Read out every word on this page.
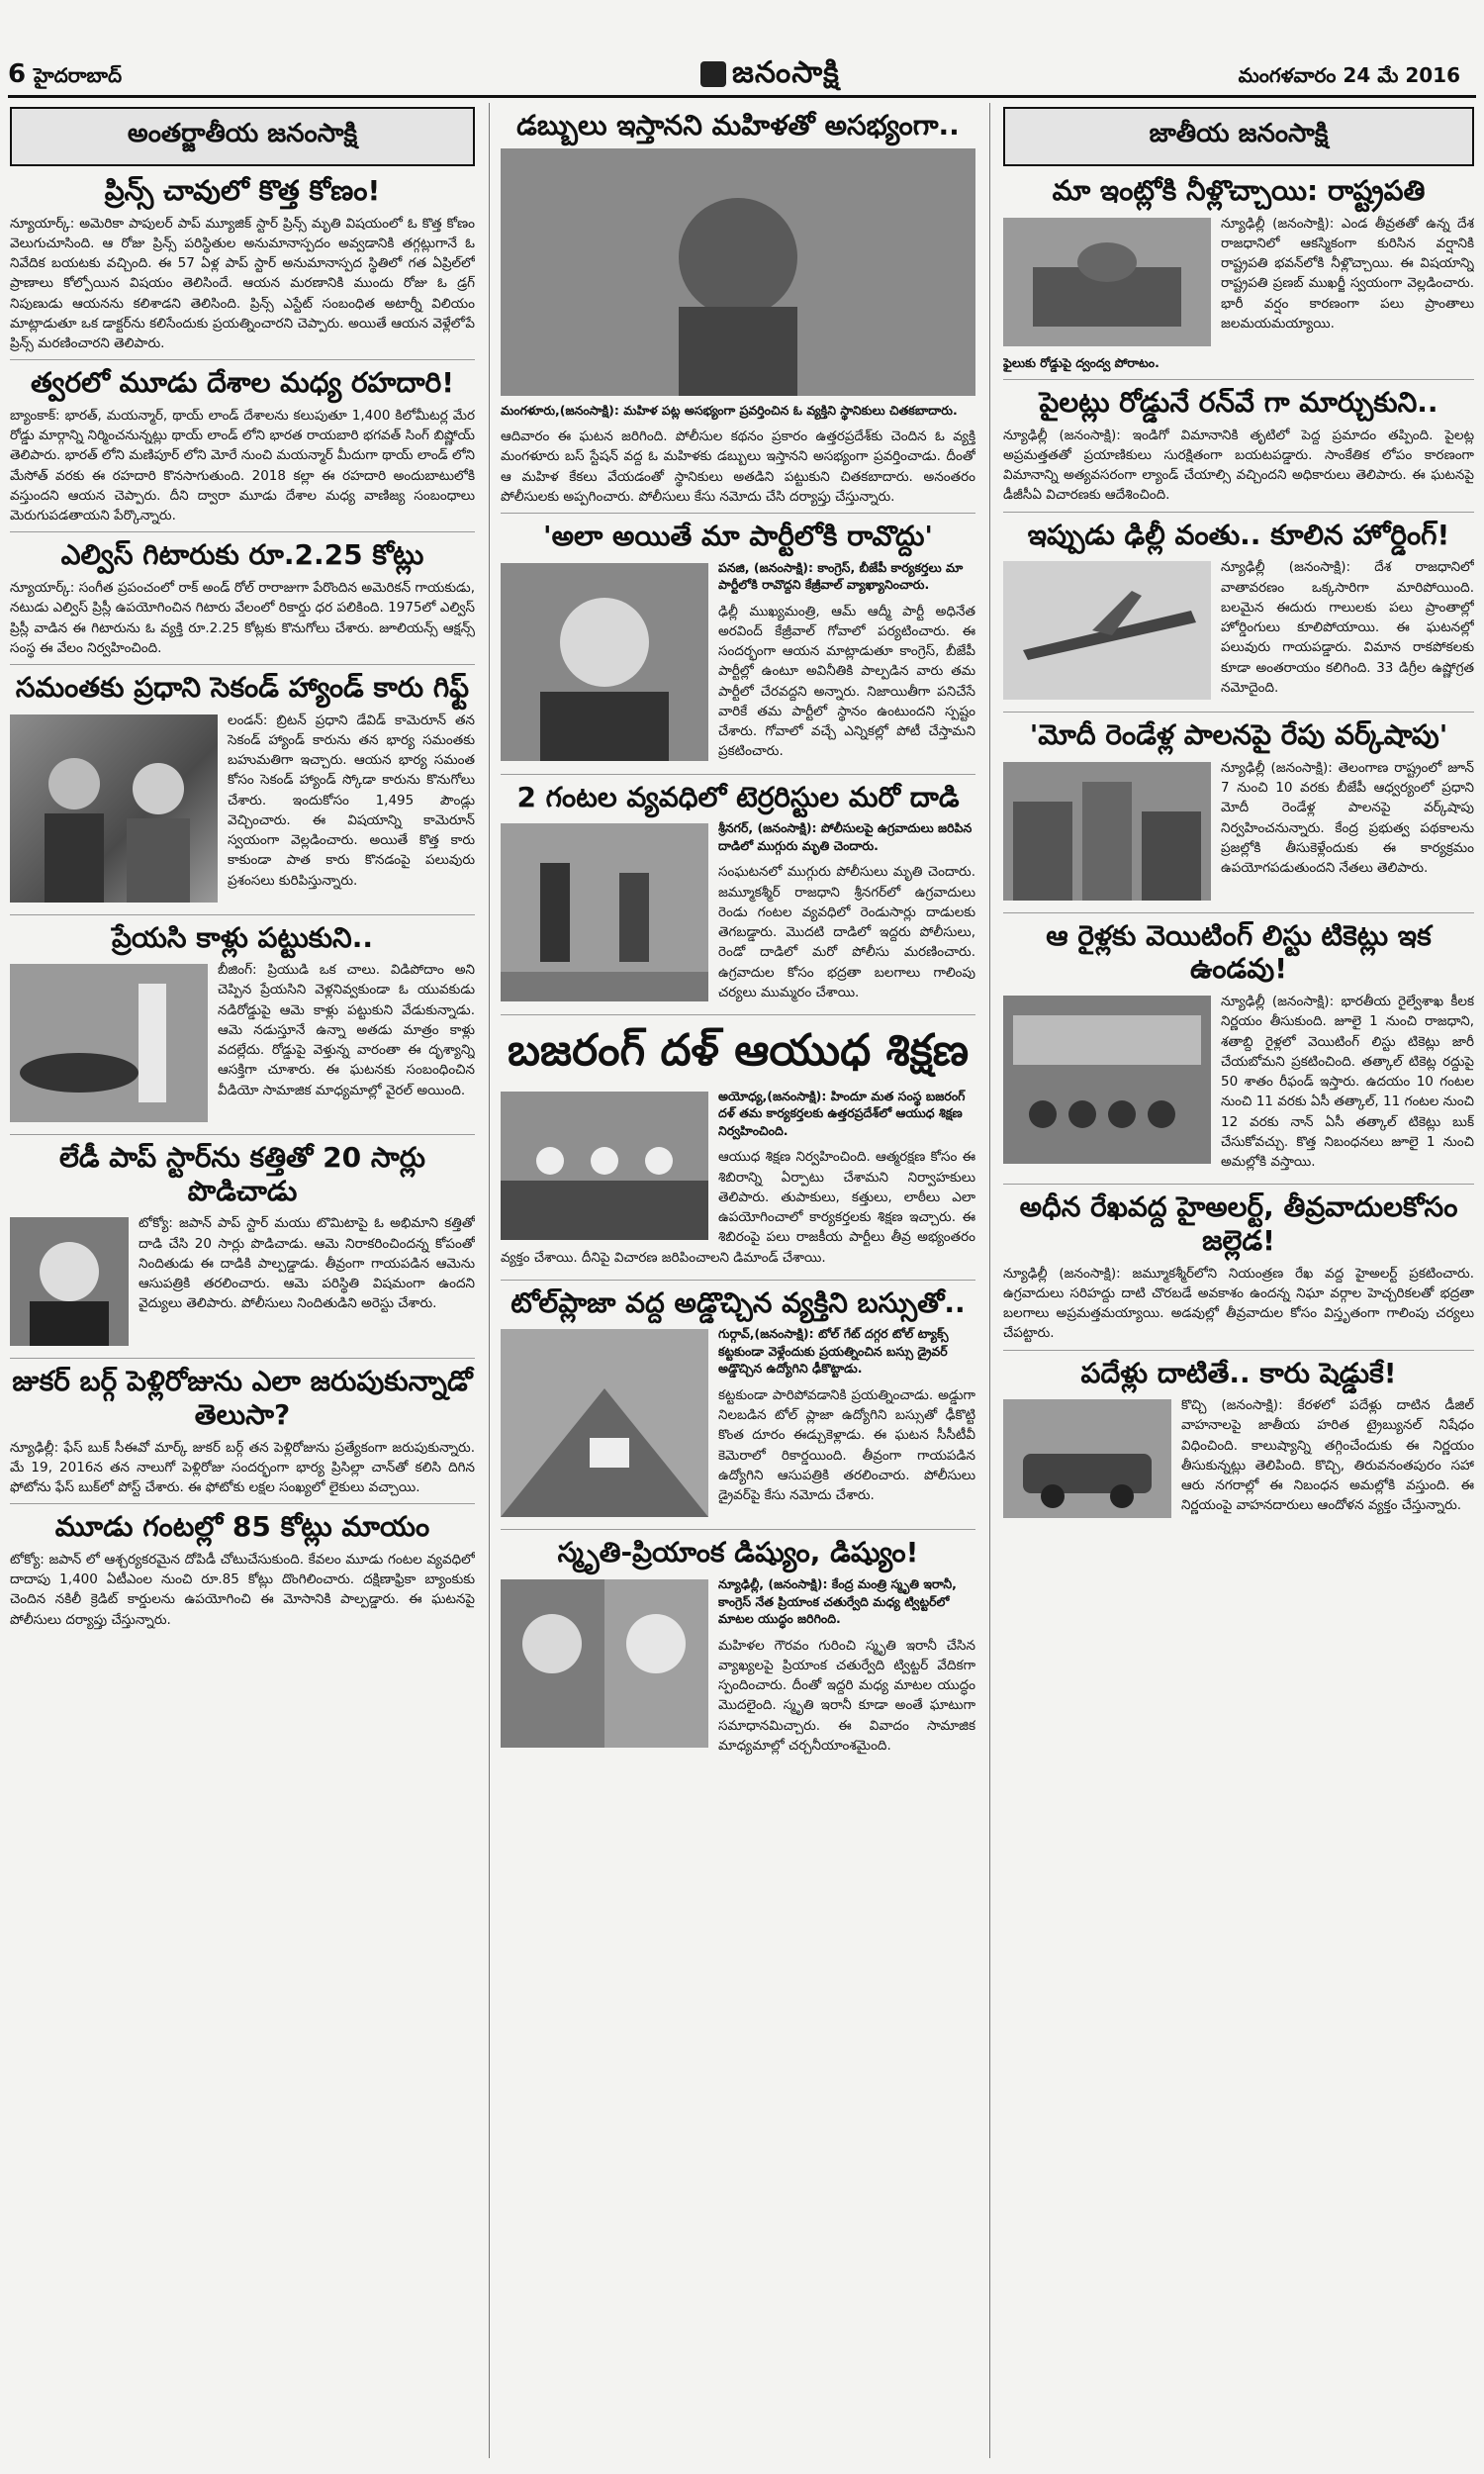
6 హైదరాబాద్	జనంసాక్షి	మంగళవారం 24 మే 2016
అంతర్జాతీయ జనంసాక్షి
ప్రిన్స్ చావులో కొత్త కోణం!

న్యూయార్క్: అమెరికా పాపులర్ పాప్ మ్యూజిక్ స్టార్ ప్రిన్స్ మృతి విషయంలో ఓ కొత్త కోణం వెలుగుచూసింది. ఆ రోజు ప్రిన్స్ పరిస్థితుల అనుమానాస్పదం అవ్వడానికి తగ్గట్లుగానే ఓ నివేదిక బయటకు వచ్చింది. ఈ 57 ఏళ్ల పాప్ స్టార్ అనుమానాస్పద స్థితిలో గత ఏప్రిల్‌లో ప్రాణాలు కోల్పోయిన విషయం తెలిసిందే. ఆయన మరణానికి ముందు రోజు ఓ డ్రగ్ నిపుణుడు ఆయనను కలిశాడని తెలిసింది. ప్రిన్స్ ఎస్టేట్ సంబంధిత అటార్నీ విలియం మాట్లాడుతూ ఒక డాక్టర్‌ను కలిసేందుకు ప్రయత్నించారని చెప్పారు. అయితే ఆయన వెళ్లేలోపే ప్రిన్స్ మరణించారని తెలిపారు.

త్వరలో మూడు దేశాల మధ్య రహదారి!

బ్యాంకాక్: భారత్, మయన్మార్, థాయ్ లాండ్ దేశాలను కలుపుతూ 1,400 కిలోమీటర్ల మేర రోడ్డు మార్గాన్ని నిర్మించనున్నట్లు థాయ్ లాండ్ లోని భారత రాయబారి భగవత్ సింగ్ బిష్ణోయ్ తెలిపారు. భారత్ లోని మణిపూర్ లోని మోరే నుంచి మయన్మార్ మీదుగా థాయ్ లాండ్ లోని మేసోత్ వరకు ఈ రహదారి కొనసాగుతుంది. 2018 కల్లా ఈ రహదారి అందుబాటులోకి వస్తుందని ఆయన చెప్పారు. దీని ద్వారా మూడు దేశాల మధ్య వాణిజ్య సంబంధాలు మెరుగుపడతాయని పేర్కొన్నారు.

ఎల్విస్ గిటారుకు రూ.2.25 కోట్లు

న్యూయార్క్: సంగీత ప్రపంచంలో రాక్ అండ్ రోల్ రారాజుగా పేరొందిన అమెరికన్ గాయకుడు, నటుడు ఎల్విస్ ప్రిస్లీ ఉపయోగించిన గిటారు వేలంలో రికార్డు ధర పలికింది. 1975లో ఎల్విస్ ప్రిస్లీ వాడిన ఈ గిటారును ఓ వ్యక్తి రూ.2.25 కోట్లకు కొనుగోలు చేశారు. జూలియన్స్ ఆక్షన్స్ సంస్థ ఈ వేలం నిర్వహించింది.

సమంతకు ప్రధాని సెకండ్ హ్యాండ్ కారు గిఫ్ట్

లండన్: బ్రిటన్ ప్రధాని డేవిడ్ కామెరూన్ తన సెకండ్ హ్యాండ్ కారును తన భార్య సమంతకు బహుమతిగా ఇచ్చారు. ఆయన భార్య సమంత కోసం సెకండ్ హ్యాండ్ స్కోడా కారును కొనుగోలు చేశారు. ఇందుకోసం 1,495 పౌండ్లు వెచ్చించారు. ఈ విషయాన్ని కామెరూన్ స్వయంగా వెల్లడించారు. అయితే కొత్త కారు కాకుండా పాత కారు కొనడంపై పలువురు ప్రశంసలు కురిపిస్తున్నారు.

ప్రేయసి కాళ్లు పట్టుకుని..

బీజింగ్: ప్రియుడి ఒక చాలు. విడిపోదాం అని చెప్పిన ప్రేయసిని వెళ్లనివ్వకుండా ఓ యువకుడు నడిరోడ్డుపై ఆమె కాళ్లు పట్టుకుని వేడుకున్నాడు. ఆమె నడుస్తూనే ఉన్నా అతడు మాత్రం కాళ్లు వదల్లేదు. రోడ్డుపై వెళ్తున్న వారంతా ఈ దృశ్యాన్ని ఆసక్తిగా చూశారు. ఈ ఘటనకు సంబంధించిన వీడియో సామాజిక మాధ్యమాల్లో వైరల్ అయింది.

లేడీ పాప్ స్టార్‌ను కత్తితో 20 సార్లు పొడిచాడు

టోక్యో: జపాన్ పాప్ స్టార్ మయు టొమిటాపై ఓ అభిమాని కత్తితో దాడి చేసి 20 సార్లు పొడిచాడు. ఆమె నిరాకరించిందన్న కోపంతో నిందితుడు ఈ దాడికి పాల్పడ్డాడు. తీవ్రంగా గాయపడిన ఆమెను ఆసుపత్రికి తరలించారు. ఆమె పరిస్థితి విషమంగా ఉందని వైద్యులు తెలిపారు. పోలీసులు నిందితుడిని అరెస్టు చేశారు.

జుకర్ బర్గ్ పెళ్లిరోజును ఎలా జరుపుకున్నాడో తెలుసా?

న్యూఢిల్లీ: ఫేస్ బుక్ సీఈవో మార్క్ జుకర్ బర్గ్ తన పెళ్లిరోజును ప్రత్యేకంగా జరుపుకున్నారు. మే 19, 2016న తన నాలుగో పెళ్లిరోజు సందర్భంగా భార్య ప్రిసిల్లా చాన్‌తో కలిసి దిగిన ఫోటోను ఫేస్ బుక్‌లో పోస్ట్ చేశారు. ఈ ఫోటోకు లక్షల సంఖ్యలో లైకులు వచ్చాయి.

మూడు గంటల్లో 85 కోట్లు మాయం

టోక్యో: జపాన్ లో ఆశ్చర్యకరమైన దోపిడీ చోటుచేసుకుంది. కేవలం మూడు గంటల వ్యవధిలో దాదాపు 1,400 ఏటీఎంల నుంచి రూ.85 కోట్లు దొంగిలించారు. దక్షిణాఫ్రికా బ్యాంకుకు చెందిన నకిలీ క్రెడిట్ కార్డులను ఉపయోగించి ఈ మోసానికి పాల్పడ్డారు. ఈ ఘటనపై పోలీసులు దర్యాప్తు చేస్తున్నారు.

డబ్బులు ఇస్తానని మహిళతో అసభ్యంగా..
మంగళూరు,(జనంసాక్షి): మహిళ పట్ల అసభ్యంగా ప్రవర్తించిన ఓ వ్యక్తిని స్థానికులు చితకబాదారు.

ఆదివారం ఈ ఘటన జరిగింది. పోలీసుల కథనం ప్రకారం ఉత్తరప్రదేశ్‌కు చెందిన ఓ వ్యక్తి మంగళూరు బస్ స్టేషన్ వద్ద ఓ మహిళకు డబ్బులు ఇస్తానని అసభ్యంగా ప్రవర్తించాడు. దీంతో ఆ మహిళ కేకలు వేయడంతో స్థానికులు అతడిని పట్టుకుని చితకబాదారు. అనంతరం పోలీసులకు అప్పగించారు. పోలీసులు కేసు నమోదు చేసి దర్యాప్తు చేస్తున్నారు.

'అలా అయితే మా పార్టీలోకి రావొద్దు'
పనజి, (జనంసాక్షి): కాంగ్రెస్, బీజేపీ కార్యకర్తలు మా పార్టీలోకి రావొద్దని కేజ్రీవాల్ వ్యాఖ్యానించారు.

ఢిల్లీ ముఖ్యమంత్రి, ఆమ్ ఆద్మీ పార్టీ అధినేత అరవింద్ కేజ్రీవాల్ గోవాలో పర్యటించారు. ఈ సందర్భంగా ఆయన మాట్లాడుతూ కాంగ్రెస్, బీజేపీ పార్టీల్లో ఉంటూ అవినీతికి పాల్పడిన వారు తమ పార్టీలో చేరవద్దని అన్నారు. నిజాయితీగా పనిచేసే వారికే తమ పార్టీలో స్థానం ఉంటుందని స్పష్టం చేశారు. గోవాలో వచ్చే ఎన్నికల్లో పోటీ చేస్తామని ప్రకటించారు.

2 గంటల వ్యవధిలో టెర్రరిస్టుల మరో దాడి
శ్రీనగర్, (జనంసాక్షి): పోలీసులపై ఉగ్రవాదులు జరిపిన దాడిలో ముగ్గురు మృతి చెందారు.

సంఘటనలో ముగ్గురు పోలీసులు మృతి చెందారు. జమ్మూకశ్మీర్ రాజధాని శ్రీనగర్‌లో ఉగ్రవాదులు రెండు గంటల వ్యవధిలో రెండుసార్లు దాడులకు తెగబడ్డారు. మొదటి దాడిలో ఇద్దరు పోలీసులు, రెండో దాడిలో మరో పోలీసు మరణించారు. ఉగ్రవాదుల కోసం భద్రతా బలగాలు గాలింపు చర్యలు ముమ్మరం చేశాయి.

బజరంగ్ దళ్ ఆయుధ శిక్షణ
అయోధ్య,(జనంసాక్షి): హిందూ మత సంస్థ బజరంగ్ దళ్ తమ కార్యకర్తలకు ఉత్తరప్రదేశ్‌లో ఆయుధ శిక్షణ నిర్వహించింది.

ఆయుధ శిక్షణ నిర్వహించింది. ఆత్మరక్షణ కోసం ఈ శిబిరాన్ని ఏర్పాటు చేశామని నిర్వాహకులు తెలిపారు. తుపాకులు, కత్తులు, లాఠీలు ఎలా ఉపయోగించాలో కార్యకర్తలకు శిక్షణ ఇచ్చారు. ఈ శిబిరంపై పలు రాజకీయ పార్టీలు తీవ్ర అభ్యంతరం వ్యక్తం చేశాయి. దీనిపై విచారణ జరిపించాలని డిమాండ్ చేశాయి.

టోల్‌ప్లాజా వద్ద అడ్డొచ్చిన వ్యక్తిని బస్సుతో..
గుర్గావ్,(జనంసాక్షి): టోల్ గేట్ దగ్గర టోల్ ట్యాక్స్ కట్టకుండా వెళ్లేందుకు ప్రయత్నించిన బస్సు డ్రైవర్ అడ్డొచ్చిన ఉద్యోగిని ఢీకొట్టాడు.

కట్టకుండా పారిపోవడానికి ప్రయత్నించాడు. అడ్డుగా నిలబడిన టోల్ ప్లాజా ఉద్యోగిని బస్సుతో ఢీకొట్టి కొంత దూరం ఈడ్చుకెళ్లాడు. ఈ ఘటన సీసీటీవీ కెమెరాలో రికార్డయింది. తీవ్రంగా గాయపడిన ఉద్యోగిని ఆసుపత్రికి తరలించారు. పోలీసులు డ్రైవర్‌పై కేసు నమోదు చేశారు.

స్మృతి-ప్రియాంక డిష్యుం, డిష్యుం!
న్యూఢిల్లీ, (జనంసాక్షి): కేంద్ర మంత్రి స్మృతి ఇరానీ, కాంగ్రెస్ నేత ప్రియాంక చతుర్వేది మధ్య ట్విట్టర్‌లో మాటల యుద్ధం జరిగింది.

మహిళల గౌరవం గురించి స్మృతి ఇరానీ చేసిన వ్యాఖ్యలపై ప్రియాంక చతుర్వేది ట్విట్టర్ వేదికగా స్పందించారు. దీంతో ఇద్దరి మధ్య మాటల యుద్ధం మొదలైంది. స్మృతి ఇరానీ కూడా అంతే ఘాటుగా సమాధానమిచ్చారు. ఈ వివాదం సామాజిక మాధ్యమాల్లో చర్చనీయాంశమైంది.

జాతీయ జనంసాక్షి
మా ఇంట్లోకి నీళ్లొచ్చాయి: రాష్ట్రపతి

న్యూఢిల్లీ (జనంసాక్షి): ఎండ తీవ్రతతో ఉన్న దేశ రాజధానిలో ఆకస్మికంగా కురిసిన వర్షానికి రాష్ట్రపతి భవన్‌లోకి నీళ్లొచ్చాయి. ఈ విషయాన్ని రాష్ట్రపతి ప్రణబ్ ముఖర్జీ స్వయంగా వెల్లడించారు. భారీ వర్షం కారణంగా పలు ప్రాంతాలు జలమయమయ్యాయి.

ఫైలుకు రోడ్డుపై ద్వంద్వ పోరాటం.
పైలట్లు రోడ్డునే రన్‌వే గా మార్చుకుని..

న్యూఢిల్లీ (జనంసాక్షి): ఇండిగో విమానానికి తృటిలో పెద్ద ప్రమాదం తప్పింది. పైలట్ల అప్రమత్తతతో ప్రయాణికులు సురక్షితంగా బయటపడ్డారు. సాంకేతిక లోపం కారణంగా విమానాన్ని అత్యవసరంగా ల్యాండ్ చేయాల్సి వచ్చిందని అధికారులు తెలిపారు. ఈ ఘటనపై డీజీసీఏ విచారణకు ఆదేశించింది.

ఇప్పుడు ఢిల్లీ వంతు.. కూలిన హోర్డింగ్!

న్యూఢిల్లీ (జనంసాక్షి): దేశ రాజధానిలో వాతావరణం ఒక్కసారిగా మారిపోయింది. బలమైన ఈదురు గాలులకు పలు ప్రాంతాల్లో హోర్డింగులు కూలిపోయాయి. ఈ ఘటనల్లో పలువురు గాయపడ్డారు. విమాన రాకపోకలకు కూడా అంతరాయం కలిగింది. 33 డిగ్రీల ఉష్ణోగ్రత నమోదైంది.

'మోదీ రెండేళ్ల పాలనపై రేపు వర్క్‌షాపు'

న్యూఢిల్లీ (జనంసాక్షి): తెలంగాణ రాష్ట్రంలో జూన్ 7 నుంచి 10 వరకు బీజేపీ ఆధ్వర్యంలో ప్రధాని మోదీ రెండేళ్ల పాలనపై వర్క్‌షాపు నిర్వహించనున్నారు. కేంద్ర ప్రభుత్వ పథకాలను ప్రజల్లోకి తీసుకెళ్లేందుకు ఈ కార్యక్రమం ఉపయోగపడుతుందని నేతలు తెలిపారు.

ఆ రైళ్లకు వెయిటింగ్ లిస్టు టికెట్లు ఇక ఉండవు!

న్యూఢిల్లీ (జనంసాక్షి): భారతీయ రైల్వేశాఖ కీలక నిర్ణయం తీసుకుంది. జూలై 1 నుంచి రాజధాని, శతాబ్ది రైళ్లలో వెయిటింగ్ లిస్టు టికెట్లు జారీ చేయబోమని ప్రకటించింది. తత్కాల్ టికెట్ల రద్దుపై 50 శాతం రీఫండ్ ఇస్తారు. ఉదయం 10 గంటల నుంచి 11 వరకు ఏసీ తత్కాల్, 11 గంటల నుంచి 12 వరకు నాన్ ఏసీ తత్కాల్ టికెట్లు బుక్ చేసుకోవచ్చు. కొత్త నిబంధనలు జూలై 1 నుంచి అమల్లోకి వస్తాయి.

అధీన రేఖవద్ద హైఅలర్ట్, తీవ్రవాదులకోసం జల్లెడ!

న్యూఢిల్లీ (జనంసాక్షి): జమ్మూకశ్మీర్‌లోని నియంత్రణ రేఖ వద్ద హైఅలర్ట్ ప్రకటించారు. ఉగ్రవాదులు సరిహద్దు దాటి చొరబడే అవకాశం ఉందన్న నిఘా వర్గాల హెచ్చరికలతో భద్రతా బలగాలు అప్రమత్తమయ్యాయి. అడవుల్లో తీవ్రవాదుల కోసం విస్తృతంగా గాలింపు చర్యలు చేపట్టారు.

పదేళ్లు దాటితే.. కారు షెడ్డుకే!

కొచ్చి (జనంసాక్షి): కేరళలో పదేళ్లు దాటిన డీజిల్ వాహనాలపై జాతీయ హరిత ట్రైబ్యునల్ నిషేధం విధించింది. కాలుష్యాన్ని తగ్గించేందుకు ఈ నిర్ణయం తీసుకున్నట్లు తెలిపింది. కొచ్చి, తిరువనంతపురం సహా ఆరు నగరాల్లో ఈ నిబంధన అమల్లోకి వస్తుంది. ఈ నిర్ణయంపై వాహనదారులు ఆందోళన వ్యక్తం చేస్తున్నారు.
